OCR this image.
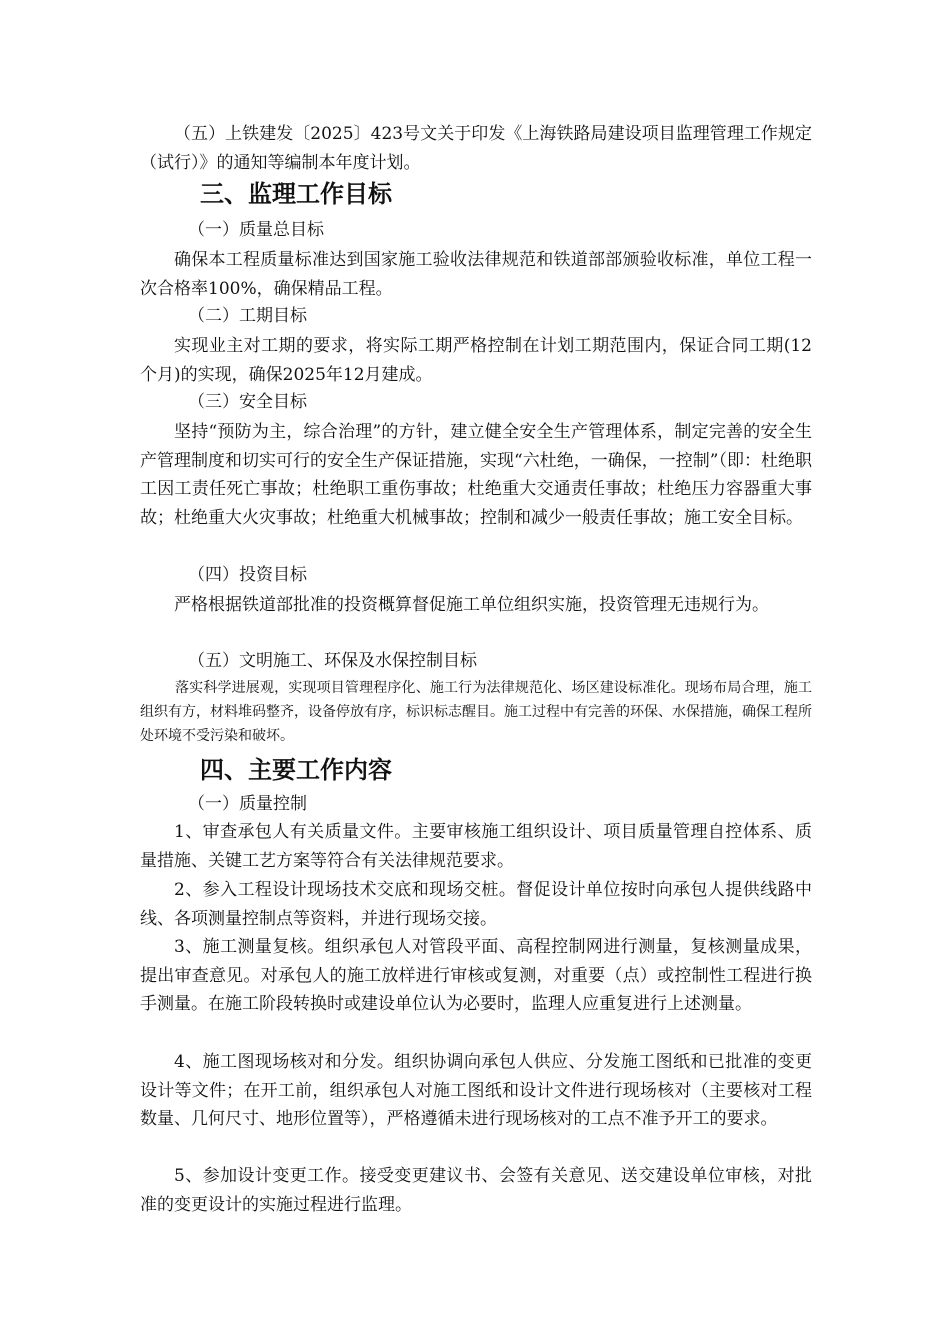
（五）上铁建发〔2025〕423号文关于印发《上海铁路局建设项目监理管理工作规定（试行）》的通知等编制本年度计划。

三、监理工作目标

（一）质量总目标

确保本工程质量标准达到国家施工验收法律规范和铁道部部颁验收标准，单位工程一次合格率100%，确保精品工程。

（二）工期目标

实现业主对工期的要求，将实际工期严格控制在计划工期范围内，保证合同工期(12个月)的实现，确保2025年12月建成。

（三）安全目标

坚持“预防为主，综合治理”的方针，建立健全安全生产管理体系，制定完善的安全生产管理制度和切实可行的安全生产保证措施，实现“六杜绝，一确保，一控制”（即：杜绝职工因工责任死亡事故；杜绝职工重伤事故；杜绝重大交通责任事故；杜绝压力容器重大事故；杜绝重大火灾事故；杜绝重大机械事故；控制和减少一般责任事故；施工安全目标。

（四）投资目标

严格根据铁道部批准的投资概算督促施工单位组织实施，投资管理无违规行为。

（五）文明施工、环保及水保控制目标

落实科学进展观，实现项目管理程序化、施工行为法律规范化、场区建设标准化。现场布局合理，施工组织有方，材料堆码整齐，设备停放有序，标识标志醒目。施工过程中有完善的环保、水保措施，确保工程所处环境不受污染和破坏。

四、主要工作内容

（一）质量控制

1、审查承包人有关质量文件。主要审核施工组织设计、项目质量管理自控体系、质量措施、关键工艺方案等符合有关法律规范要求。

2、参入工程设计现场技术交底和现场交桩。督促设计单位按时向承包人提供线路中线、各项测量控制点等资料，并进行现场交接。

3、施工测量复核。组织承包人对管段平面、高程控制网进行测量，复核测量成果，提出审查意见。对承包人的施工放样进行审核或复测，对重要（点）或控制性工程进行换手测量。在施工阶段转换时或建设单位认为必要时，监理人应重复进行上述测量。

4、施工图现场核对和分发。组织协调向承包人供应、分发施工图纸和已批准的变更设计等文件；在开工前，组织承包人对施工图纸和设计文件进行现场核对（主要核对工程数量、几何尺寸、地形位置等），严格遵循未进行现场核对的工点不准予开工的要求。

5、参加设计变更工作。接受变更建议书、会签有关意见、送交建设单位审核，对批准的变更设计的实施过程进行监理。
